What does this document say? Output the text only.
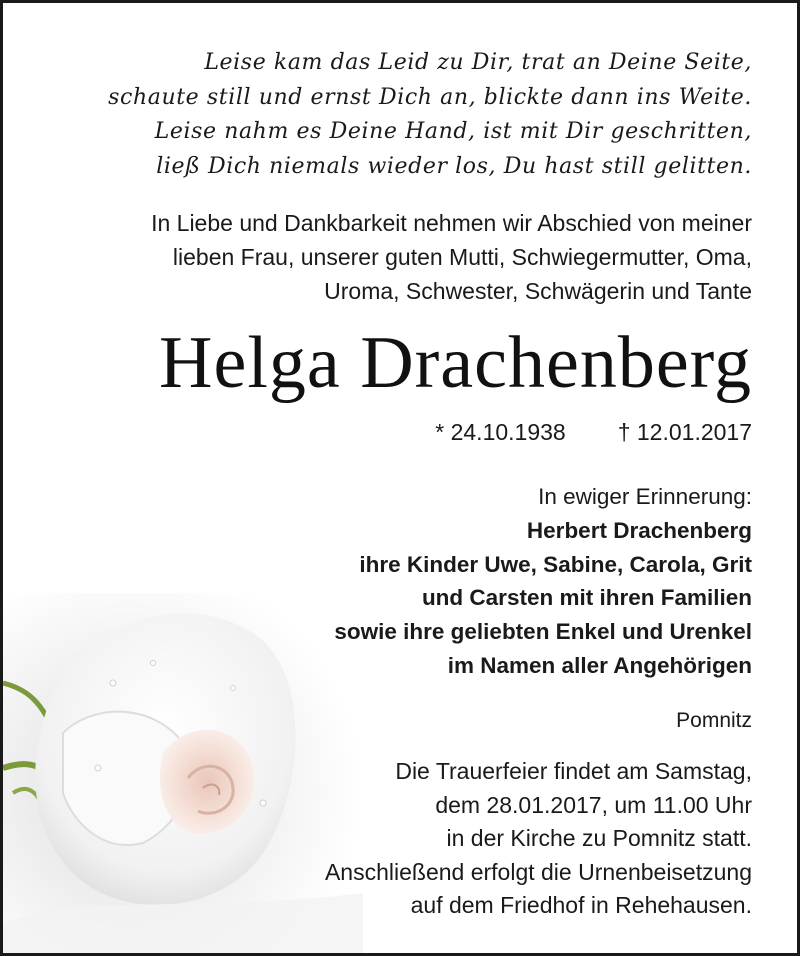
Leise kam das Leid zu Dir, trat an Deine Seite,
schaute still und ernst Dich an, blickte dann ins Weite.
Leise nahm es Deine Hand, ist mit Dir geschritten,
ließ Dich niemals wieder los, Du hast still gelitten.
In Liebe und Dankbarkeit nehmen wir Abschied von meiner
lieben Frau, unserer guten Mutti, Schwiegermutter, Oma,
Uroma, Schwester, Schwägerin und Tante
Helga Drachenberg
* 24.10.1938 † 12.01.2017
In ewiger Erinnerung:
Herbert Drachenberg
ihre Kinder Uwe, Sabine, Carola, Grit
und Carsten mit ihren Familien
sowie ihre geliebten Enkel und Urenkel
im Namen aller Angehörigen
Pomnitz
Die Trauerfeier findet am Samstag,
dem 28.01.2017, um 11.00 Uhr
in der Kirche zu Pomnitz statt.
Anschließend erfolgt die Urnenbeisetzung
auf dem Friedhof in Rehehausen.
